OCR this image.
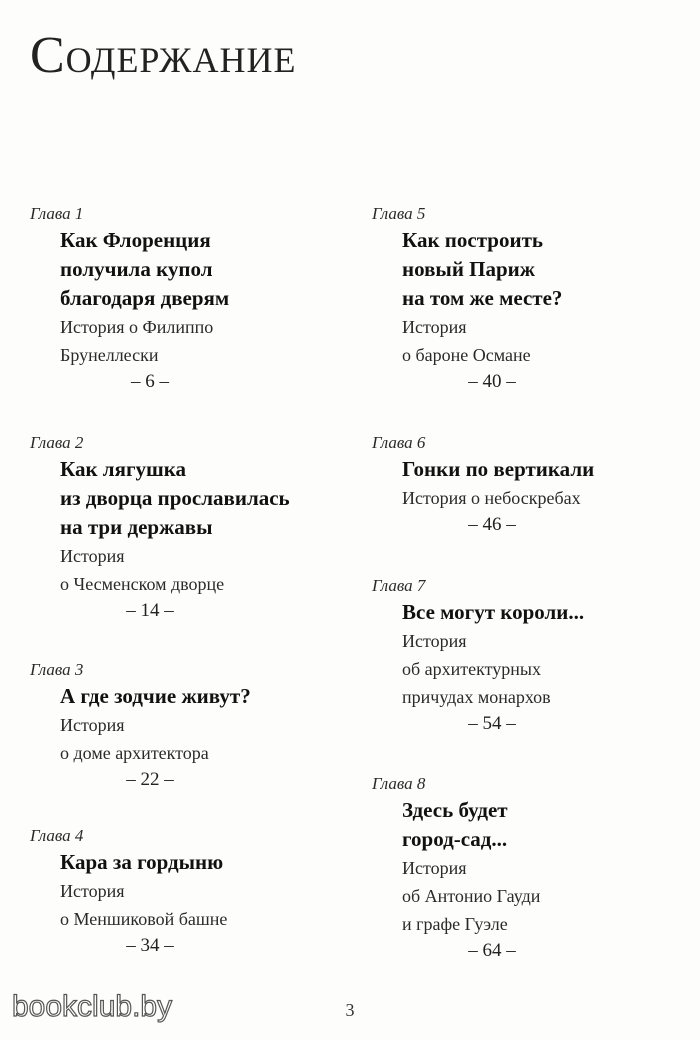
Содержание
Глава 1
Как Флоренция
получила купол
благодаря дверям
История о Филиппо
Брунеллески
– 6 –
Глава 2
Как лягушка
из дворца прославилась
на три державы
История
о Чесменском дворце
– 14 –
Глава 3
А где зодчие живут?
История
о доме архитектора
– 22 –
Глава 4
Кара за гордыню
История
о Меншиковой башне
– 34 –
Глава 5
Как построить
новый Париж
на том же месте?
История
о бароне Османе
– 40 –
Глава 6
Гонки по вертикали
История о небоскребах
– 46 –
Глава 7
Все могут короли...
История
об архитектурных
причудах монархов
– 54 –
Глава 8
Здесь будет
город-сад...
История
об Антонио Гауди
и графе Гуэле
– 64 –
3
bookclub.by
